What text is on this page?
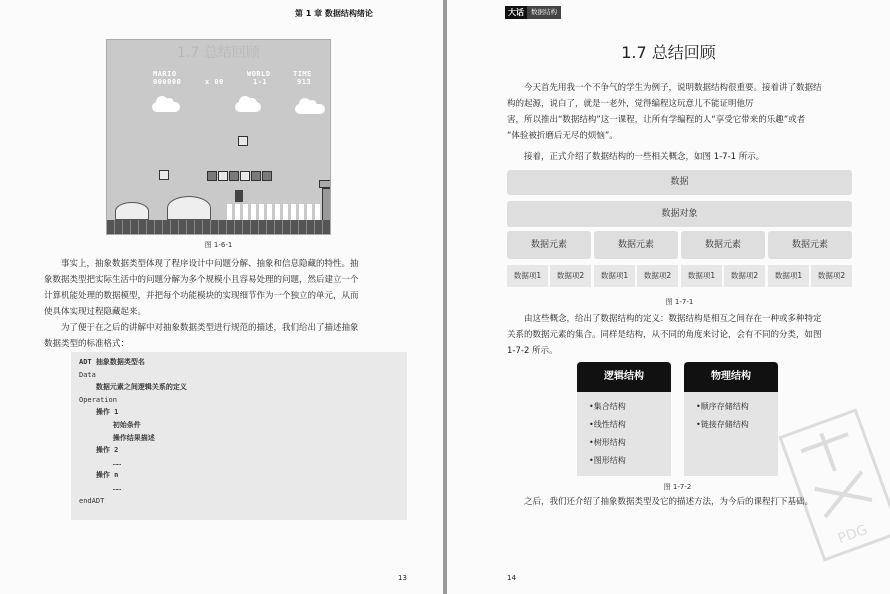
第 1 章 数据结构绪论
1.7 总结回顾
MARIO
000000	x 00
WORLD
1-1
TIME
913
图 1-6-1
事实上，抽象数据类型体现了程序设计中问题分解、抽象和信息隐藏的特性。抽
象数据类型把实际生活中的问题分解为多个规模小且容易处理的问题，然后建立一个
计算机能处理的数据模型，并把每个功能模块的实现细节作为一个独立的单元，从而
使具体实现过程隐藏起来。
为了便于在之后的讲解中对抽象数据类型进行规范的描述，我们给出了描述抽象
数据类型的标准格式：
ADT 抽象数据类型名
Data
数据元素之间逻辑关系的定义
Operation
操作 1
初始条件
操作结果描述
操作 2
……
操作 n
……
endADT
13
大话	数据结构
1.7 总结回顾
今天首先用我一个不争气的学生为例子，说明数据结构很重要。接着讲了数据结
构的起源，说白了，就是一老外，觉得编程这玩意儿不能证明他厉
害，所以推出“数据结构”这一课程，让所有学编程的人“享受它带来的乐趣”或者
“体验被折磨后无尽的烦恼”。
接着，正式介绍了数据结构的一些相关概念，如图 1-7-1 所示。
数据
数据对象
数据元素	数据元素	数据元素	数据元素
数据项1	数据项2	数据项1	数据项2	数据项1	数据项2	数据项1	数据项2
图 1-7-1
由这些概念，给出了数据结构的定义：数据结构是相互之间存在一种或多种特定
关系的数据元素的集合。同样是结构，从不同的角度来讨论，会有不同的分类，如图
1-7-2 所示。
逻辑结构
•集合结构
•线性结构
•树形结构
•图形结构
物理结构
•顺序存储结构
•链接存储结构
图 1-7-2
之后，我们还介绍了抽象数据类型及它的描述方法，为今后的课程打下基础。
14
PDG
